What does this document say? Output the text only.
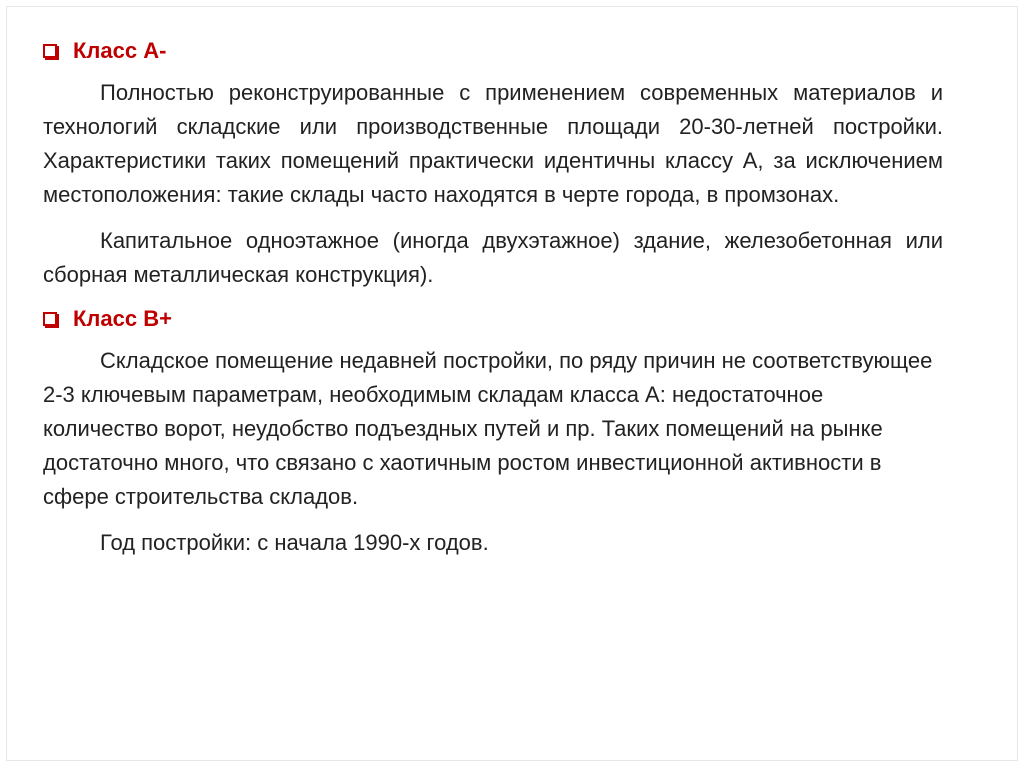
Класс А-

Полностью реконструированные с применением современных материалов и технологий складские или производственные площади 20-30-летней постройки. Характеристики таких помещений практически идентичны классу А, за исключением местоположения: такие склады часто находятся в черте города, в промзонах.

Капитальное одноэтажное (иногда двухэтажное) здание, железобетонная или сборная металлическая конструкция).

Класс В+

Складское помещение недавней постройки, по ряду причин не соответствующее 2-3 ключевым параметрам, необходимым складам класса А: недостаточное количество ворот, неудобство подъездных путей и пр. Таких помещений на рынке достаточно много, что связано с хаотичным ростом инвестиционной активности в сфере строительства складов.

Год постройки: с начала 1990-х годов.
